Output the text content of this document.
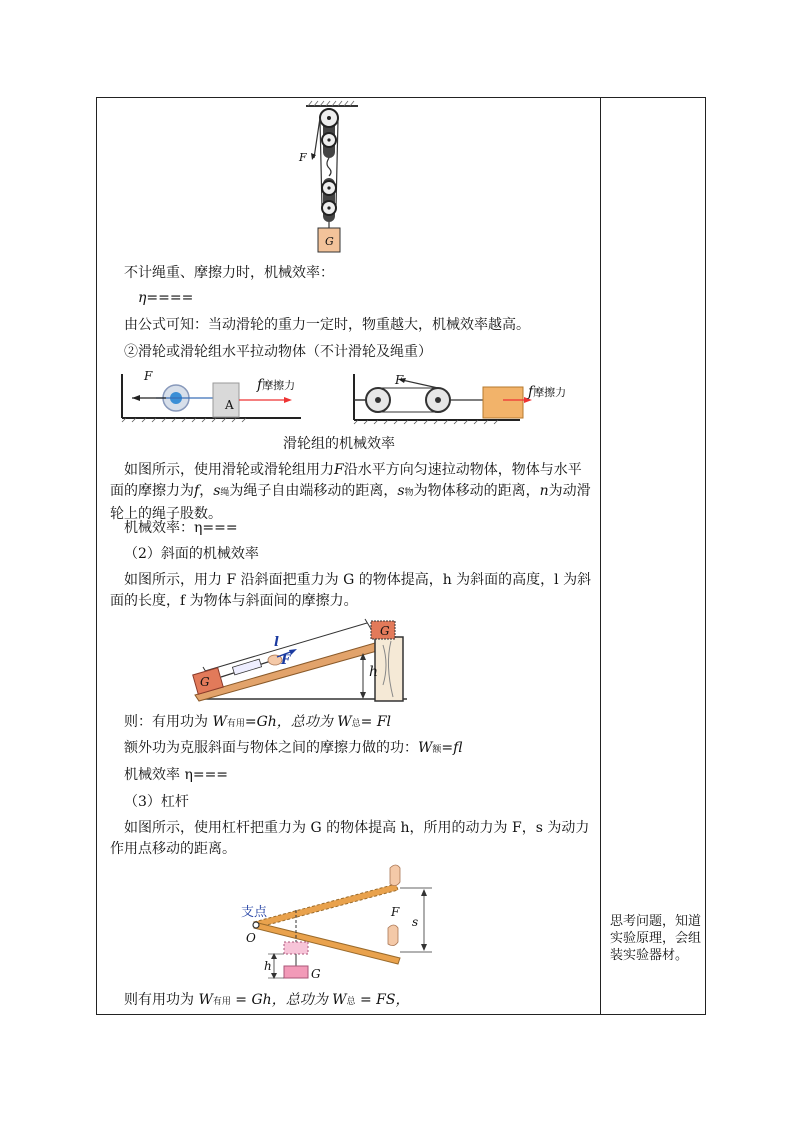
F
G
不计绳重、摩擦力时，机械效率：
η====
由公式可知：当动滑轮的重力一定时，物重越大，机械效率越高。
②滑轮或滑轮组水平拉动物体（不计滑轮及绳重）
F
A
f摩擦力	F
f摩擦力
滑轮组的机械效率
如图所示，使用滑轮或滑轮组用力F沿水平方向匀速拉动物体，物体与水平面的摩擦力为f，s绳为绳子自由端移动的距离，s物为物体移动的距离，n为动滑轮上的绳子股数。
机械效率：η===
（2）斜面的机械效率
如图所示，用力 F 沿斜面把重力为 G 的物体提高，h 为斜面的高度，l 为斜面的长度，f 为物体与斜面间的摩擦力。
l
F
h
G
G
则：有用功为 W有用=Gh，总功为 W总= Fl
额外功为克服斜面与物体之间的摩擦力做的功：W额=fl
机械效率 η===
（3）杠杆
如图所示，使用杠杆把重力为 G 的物体提高 h，所用的动力为 F，s 为动力作用点移动的距离。
支点
O
F
s
h
G
则有用功为 W有用 = Gh，总功为 W总 = FS，
思考问题，知道实验原理，会组装实验器材。
